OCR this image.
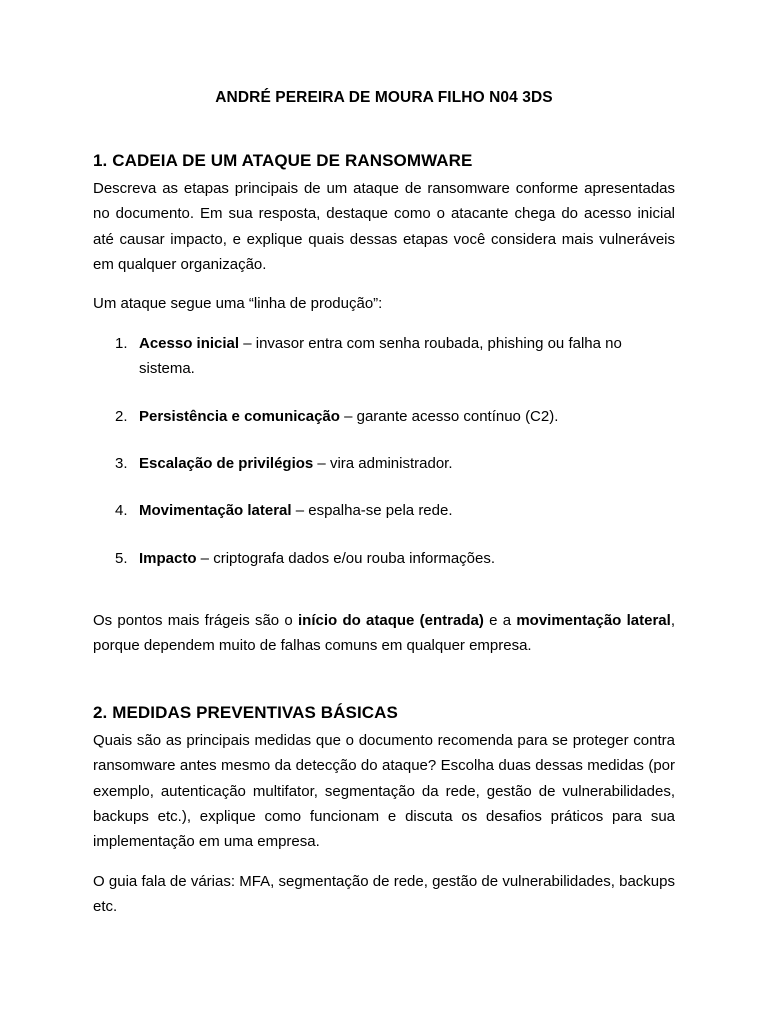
ANDRÉ PEREIRA DE MOURA FILHO N04 3DS
1. CADEIA DE UM ATAQUE DE RANSOMWARE
Descreva as etapas principais de um ataque de ransomware conforme apresentadas no documento. Em sua resposta, destaque como o atacante chega do acesso inicial até causar impacto, e explique quais dessas etapas você considera mais vulneráveis em qualquer organização.
Um ataque segue uma “linha de produção”:
1. Acesso inicial – invasor entra com senha roubada, phishing ou falha no sistema.
2. Persistência e comunicação – garante acesso contínuo (C2).
3. Escalação de privilégios – vira administrador.
4. Movimentação lateral – espalha-se pela rede.
5. Impacto – criptografa dados e/ou rouba informações.
Os pontos mais frágeis são o início do ataque (entrada) e a movimentação lateral, porque dependem muito de falhas comuns em qualquer empresa.
2. MEDIDAS PREVENTIVAS BÁSICAS
Quais são as principais medidas que o documento recomenda para se proteger contra ransomware antes mesmo da detecção do ataque? Escolha duas dessas medidas (por exemplo, autenticação multifator, segmentação da rede, gestão de vulnerabilidades, backups etc.), explique como funcionam e discuta os desafios práticos para sua implementação em uma empresa.
O guia fala de várias: MFA, segmentação de rede, gestão de vulnerabilidades, backups etc.
